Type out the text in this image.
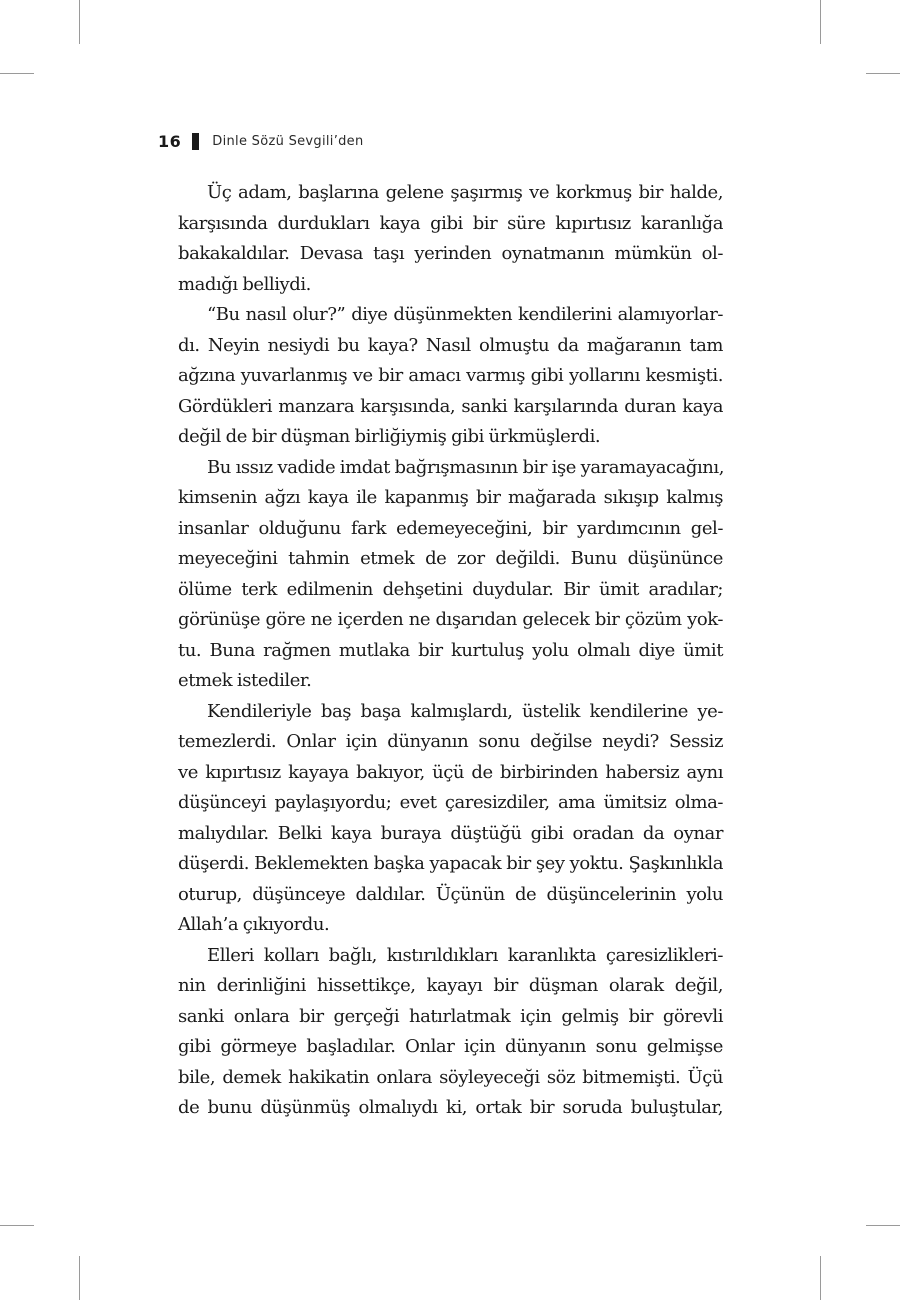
16 Dinle Sözü Sevgili’den
Üç adam, başlarına gelene şaşırmış ve korkmuş bir halde,
karşısında durdukları kaya gibi bir süre kıpırtısız karanlığa
bakakaldılar. Devasa taşı yerinden oynatmanın mümkün ol-
madığı belliydi.
“Bu nasıl olur?” diye düşünmekten kendilerini alamıyorlar-
dı. Neyin nesiydi bu kaya? Nasıl olmuştu da mağaranın tam
ağzına yuvarlanmış ve bir amacı varmış gibi yollarını kesmişti.
Gördükleri manzara karşısında, sanki karşılarında duran kaya
değil de bir düşman birliğiymiş gibi ürkmüşlerdi.
Bu ıssız vadide imdat bağrışmasının bir işe yaramayacağını,
kimsenin ağzı kaya ile kapanmış bir mağarada sıkışıp kalmış
insanlar olduğunu fark edemeyeceğini, bir yardımcının gel-
meyeceğini tahmin etmek de zor değildi. Bunu düşününce
ölüme terk edilmenin dehşetini duydular. Bir ümit aradılar;
görünüşe göre ne içerden ne dışarıdan gelecek bir çözüm yok-
tu. Buna rağmen mutlaka bir kurtuluş yolu olmalı diye ümit
etmek istediler.
Kendileriyle baş başa kalmışlardı, üstelik kendilerine ye-
temezlerdi. Onlar için dünyanın sonu değilse neydi? Sessiz
ve kıpırtısız kayaya bakıyor, üçü de birbirinden habersiz aynı
düşünceyi paylaşıyordu; evet çaresizdiler, ama ümitsiz olma-
malıydılar. Belki kaya buraya düştüğü gibi oradan da oynar
düşerdi. Beklemekten başka yapacak bir şey yoktu. Şaşkınlıkla
oturup, düşünceye daldılar. Üçünün de düşüncelerinin yolu
Allah’a çıkıyordu.
Elleri kolları bağlı, kıstırıldıkları karanlıkta çaresizlikleri-
nin derinliğini hissettikçe, kayayı bir düşman olarak değil,
sanki onlara bir gerçeği hatırlatmak için gelmiş bir görevli
gibi görmeye başladılar. Onlar için dünyanın sonu gelmişse
bile, demek hakikatin onlara söyleyeceği söz bitmemişti. Üçü
de bunu düşünmüş olmalıydı ki, ortak bir soruda buluştular,
